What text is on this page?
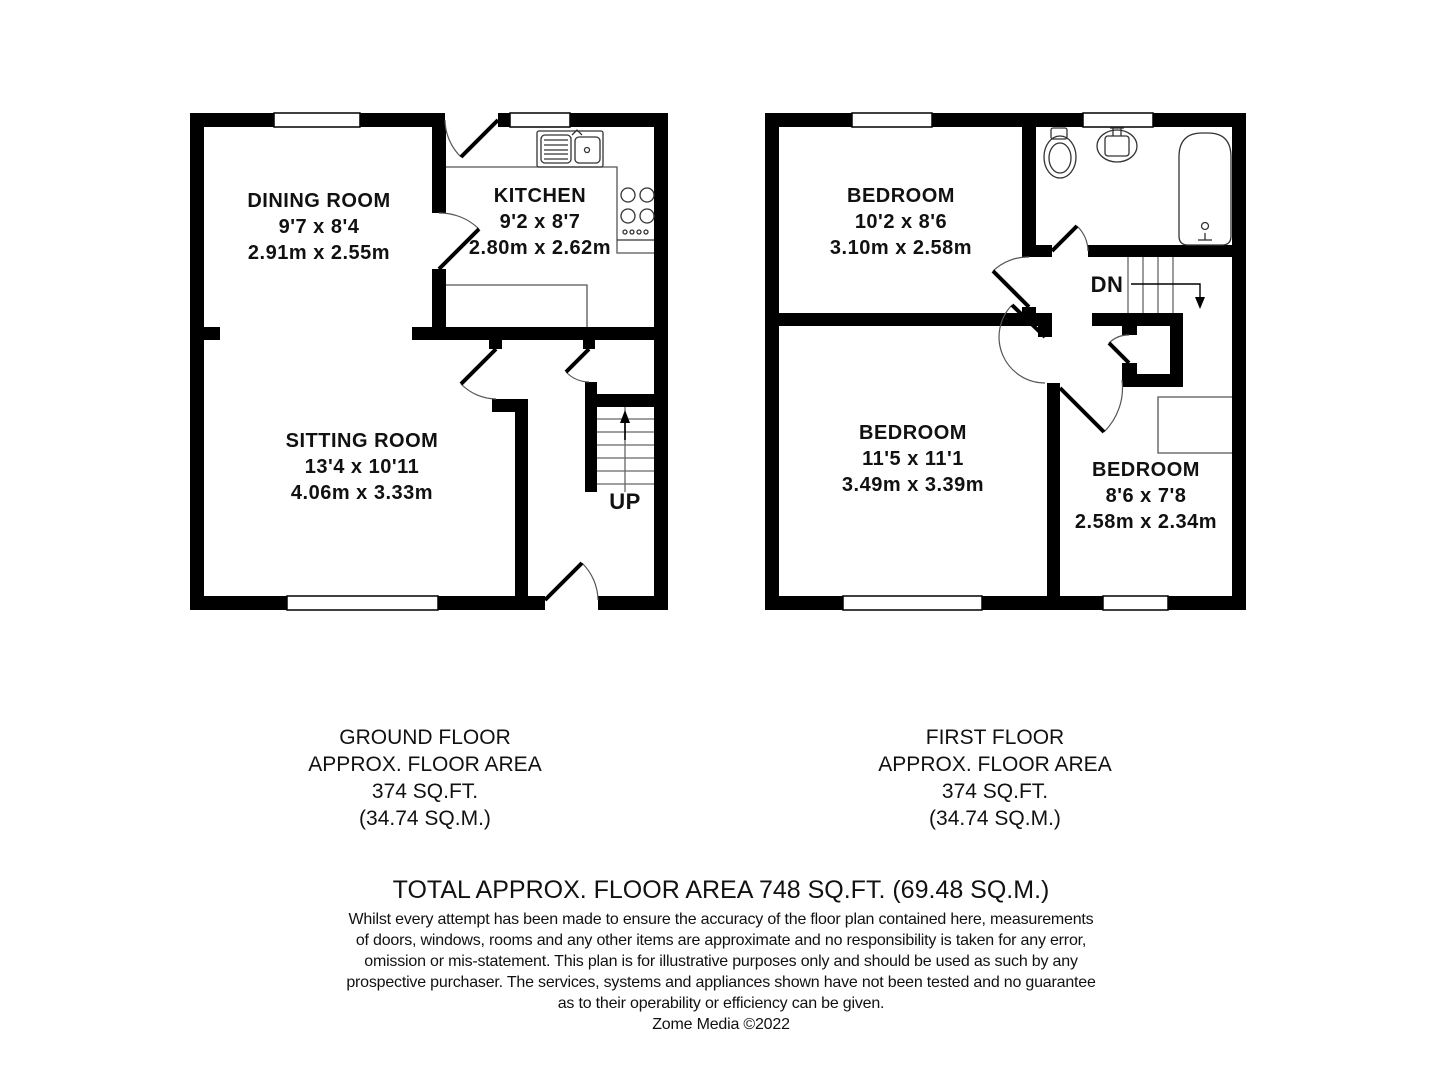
DINING ROOM
9'7 x 8'4
2.91m x 2.55m
KITCHEN
9'2 x 8'7
2.80m x 2.62m
SITTING ROOM
13'4 x 10'11
4.06m x 3.33m	UP
BEDROOM
10'2 x 8'6
3.10m x 2.58m
BEDROOM
11'5 x 11'1
3.49m x 3.39m
BEDROOM
8'6 x 7'8
2.58m x 2.34m
DN
GROUND FLOOR
APPROX. FLOOR AREA
374 SQ.FT.
(34.74 SQ.M.)
FIRST FLOOR
APPROX. FLOOR AREA
374 SQ.FT.
(34.74 SQ.M.)
TOTAL APPROX. FLOOR AREA 748 SQ.FT. (69.48 SQ.M.)
Whilst every attempt has been made to ensure the accuracy of the floor plan contained here, measurements
of doors, windows, rooms and any other items are approximate and no responsibility is taken for any error,
omission or mis-statement. This plan is for illustrative purposes only and should be used as such by any
prospective purchaser. The services, systems and appliances shown have not been tested and no guarantee
as to their operability or efficiency can be given.
Zome Media ©2022
